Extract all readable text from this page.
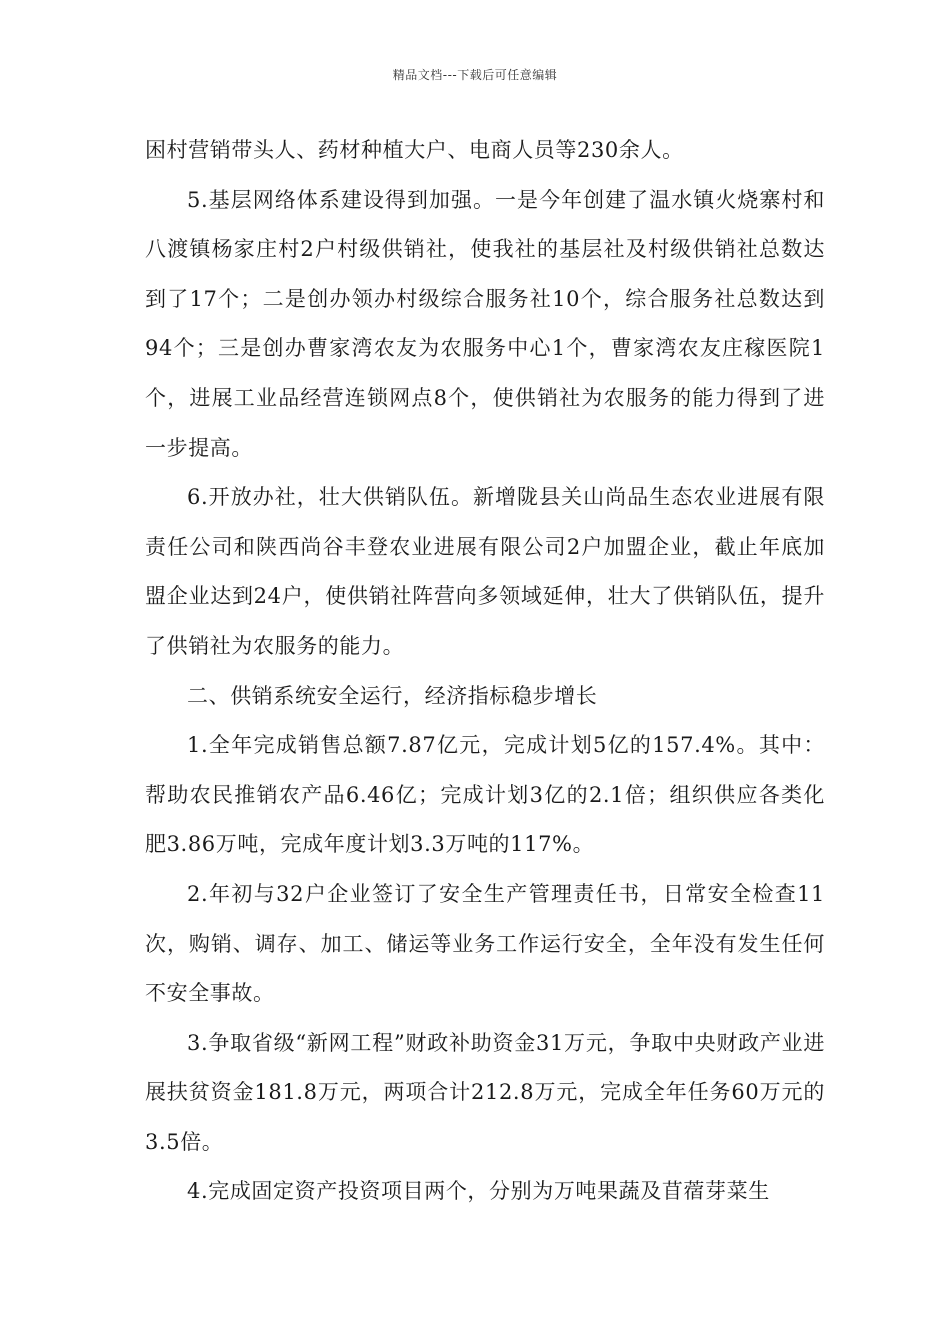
精品文档---下载后可任意编辑

困村营销带头人、药材种植大户、电商人员等230余人。

5.基层网络体系建设得到加强。一是今年创建了温水镇火烧寨村和八渡镇杨家庄村2户村级供销社，使我社的基层社及村级供销社总数达到了17个；二是创办领办村级综合服务社10个，综合服务社总数达到94个；三是创办曹家湾农友为农服务中心1个，曹家湾农友庄稼医院1个，进展工业品经营连锁网点8个，使供销社为农服务的能力得到了进一步提高。

6.开放办社，壮大供销队伍。新增陇县关山尚品生态农业进展有限责任公司和陕西尚谷丰登农业进展有限公司2户加盟企业，截止年底加盟企业达到24户，使供销社阵营向多领域延伸，壮大了供销队伍，提升了供销社为农服务的能力。

二、供销系统安全运行，经济指标稳步增长

1.全年完成销售总额7.87亿元，完成计划5亿的157.4%。其中：帮助农民推销农产品6.46亿；完成计划3亿的2.1倍；组织供应各类化肥3.86万吨，完成年度计划3.3万吨的117%。

2.年初与32户企业签订了安全生产管理责任书，日常安全检查11次，购销、调存、加工、储运等业务工作运行安全，全年没有发生任何不安全事故。

3.争取省级“新网工程”财政补助资金31万元，争取中央财政产业进展扶贫资金181.8万元，两项合计212.8万元，完成全年任务60万元的3.5倍。

4.完成固定资产投资项目两个，分别为万吨果蔬及苜蓿芽菜生
